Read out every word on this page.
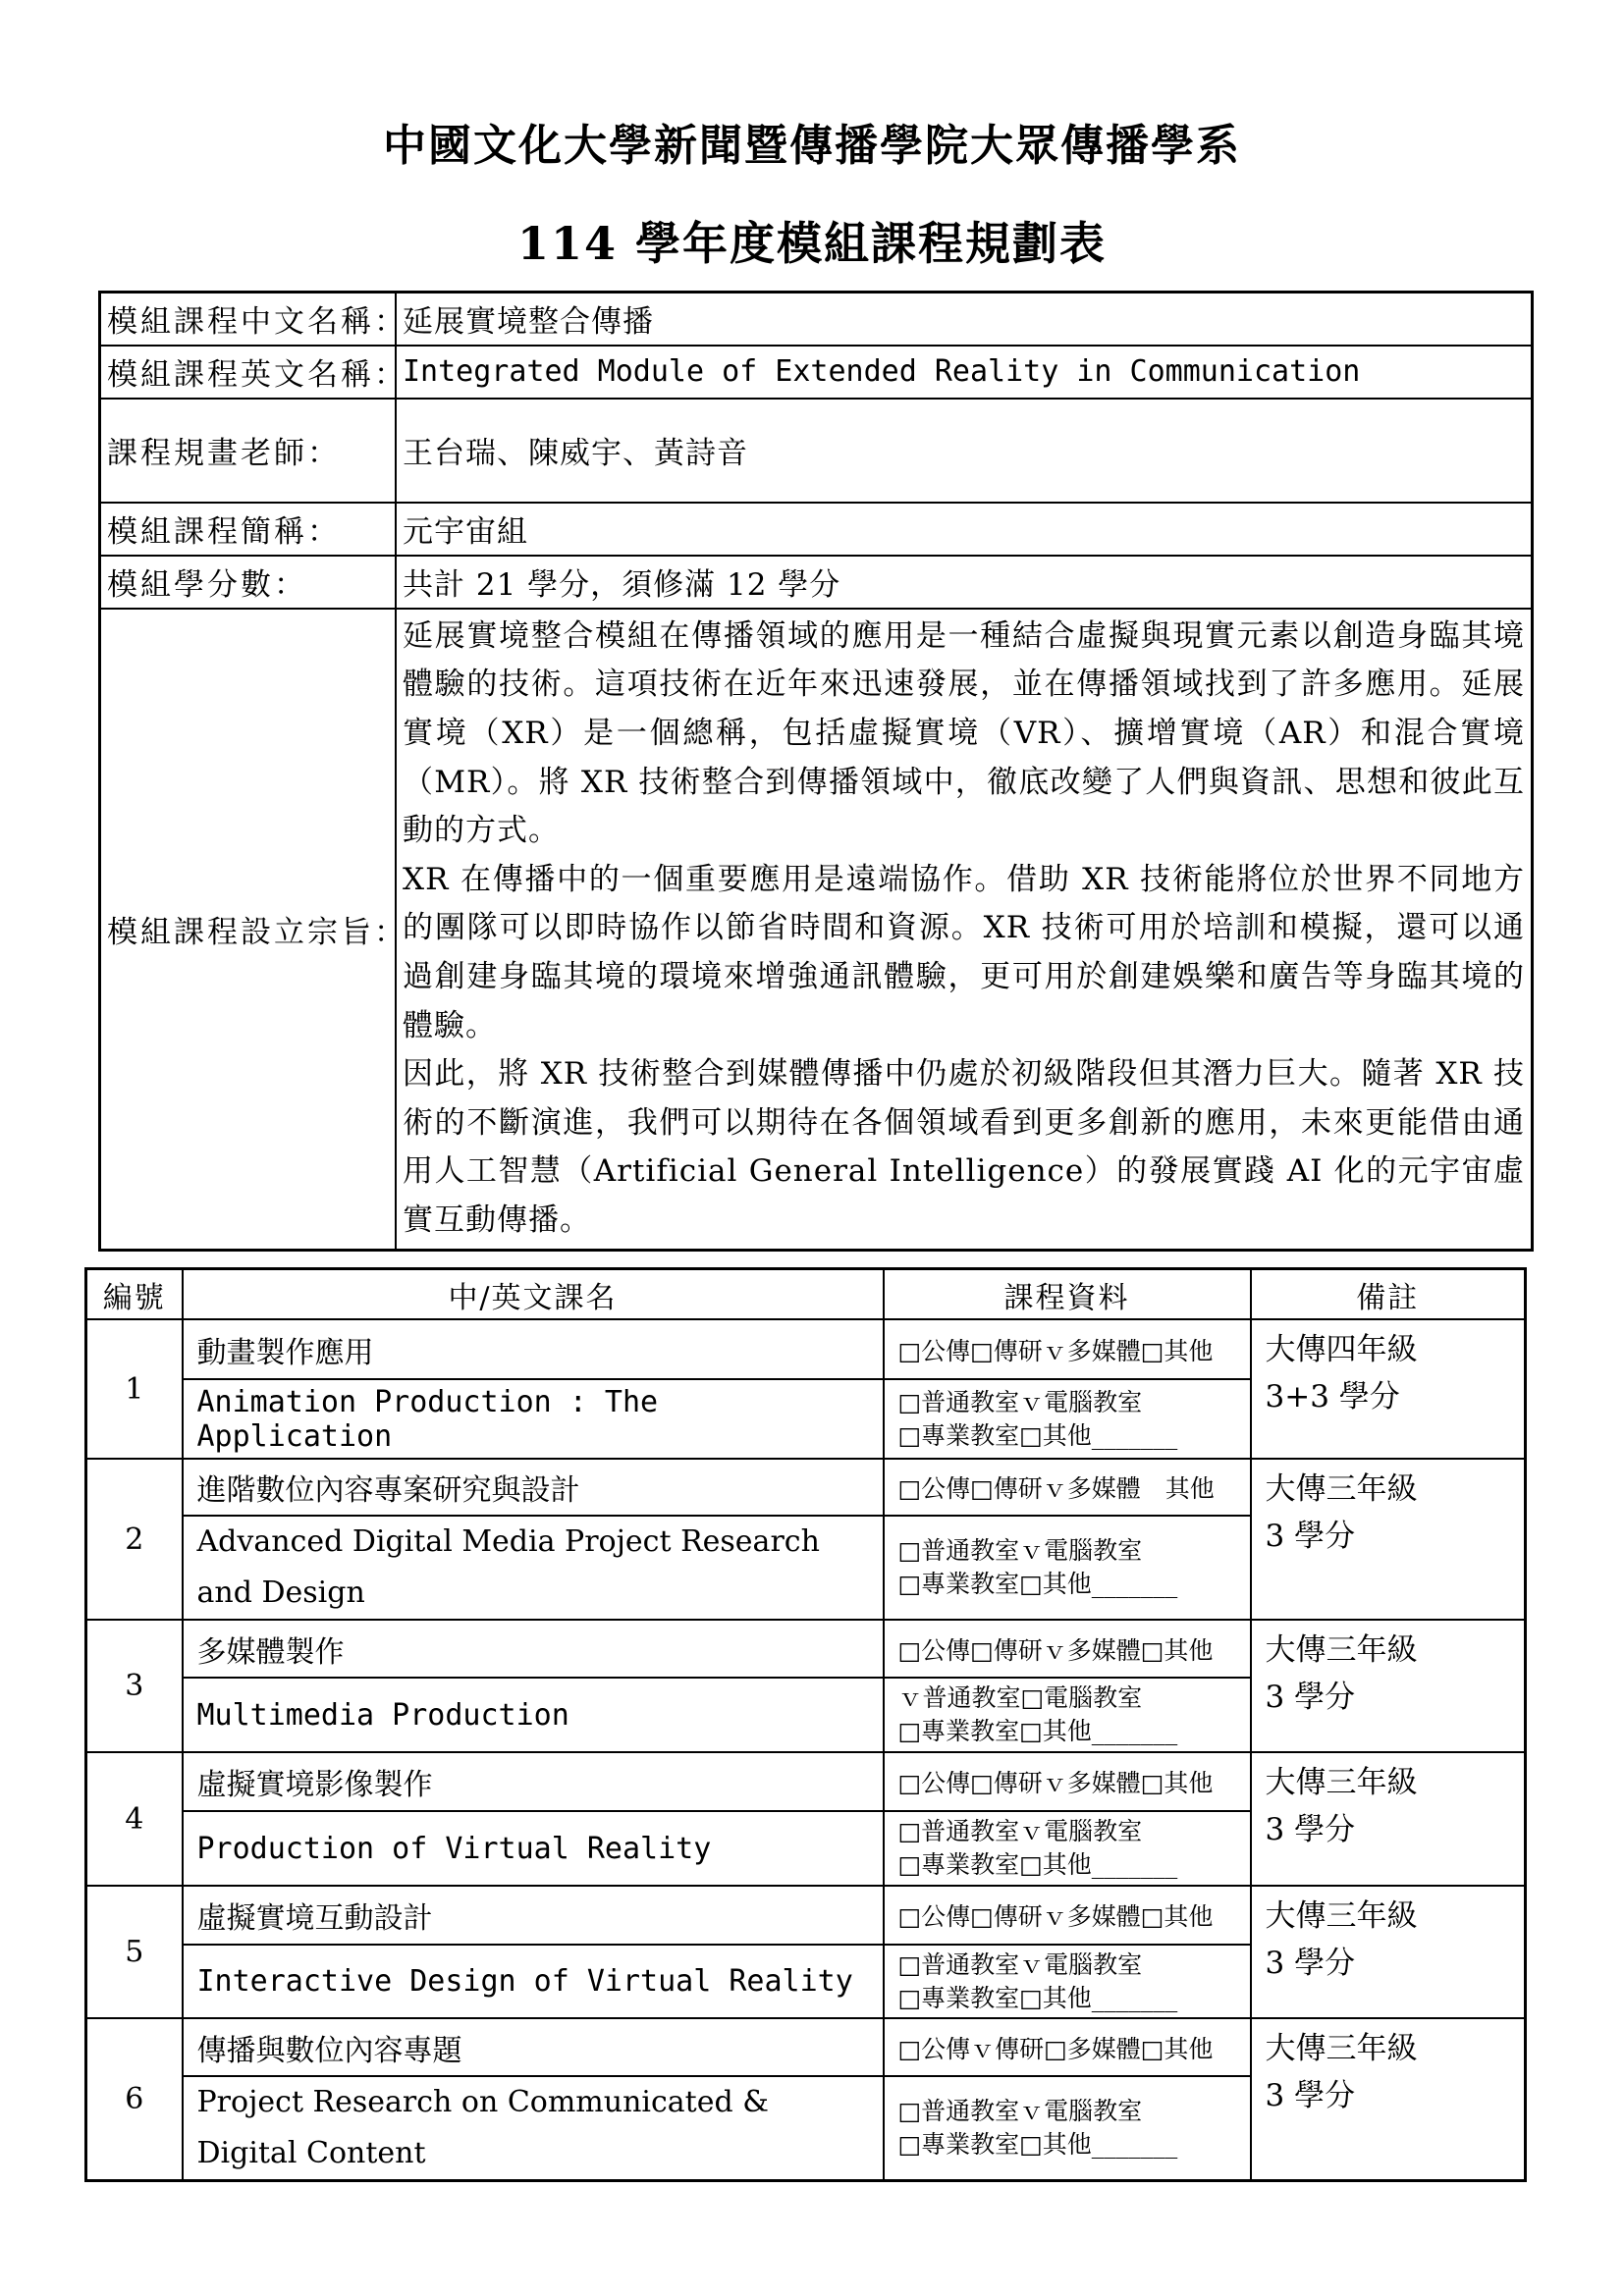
中國文化大學新聞暨傳播學院大眾傳播學系
114 學年度模組課程規劃表
模組課程中文名稱：	延展實境整合傳播
模組課程英文名稱：	Integrated Module of Extended Reality in Communication
課程規畫老師：	王台瑞、陳威宇、黃詩音
模組課程簡稱：	元宇宙組
模組學分數：	共計 21 學分，須修滿 12 學分
模組課程設立宗旨：	延展實境整合模組在傳播領域的應用是一種結合虛擬與現實元素以創造身臨其境體驗的技術。這項技術在近年來迅速發展，並在傳播領域找到了許多應用。延展實境（XR）是一個總稱，包括虛擬實境（VR）、擴增實境（AR）和混合實境（MR）。將 XR 技術整合到傳播領域中，徹底改變了人們與資訊、思想和彼此互動的方式。

XR 在傳播中的一個重要應用是遠端協作。借助 XR 技術能將位於世界不同地方的團隊可以即時協作以節省時間和資源。XR 技術可用於培訓和模擬，還可以通過創建身臨其境的環境來增強通訊體驗，更可用於創建娛樂和廣告等身臨其境的體驗。

因此，將 XR 技術整合到媒體傳播中仍處於初級階段但其潛力巨大。隨著 XR 技術的不斷演進，我們可以期待在各個領域看到更多創新的應用，未來更能借由通用人工智慧（Artificial General Intelligence）的發展實踐 AI 化的元宇宙虛實互動傳播。

編號	中/英文課名	課程資料	備註
1	動畫製作應用	□公傳□傳研ｖ多媒體□其他	大傳四年級
3+3 學分

	Animation Production : The Application	□普通教室ｖ電腦教室
□專業教室□其他_______	

2	進階數位內容專案研究與設計	□公傳□傳研ｖ多媒體　其他	大傳三年級
3 學分

	Advanced Digital Media Project Research and Design	□普通教室ｖ電腦教室
□專業教室□其他_______	

3	多媒體製作	□公傳□傳研ｖ多媒體□其他	大傳三年級
3 學分

	Multimedia Production	ｖ普通教室□電腦教室
□專業教室□其他_______	

4	虛擬實境影像製作	□公傳□傳研ｖ多媒體□其他	大傳三年級
3 學分

	Production of Virtual Reality	□普通教室ｖ電腦教室
□專業教室□其他_______	

5	虛擬實境互動設計	□公傳□傳研ｖ多媒體□其他	大傳三年級
3 學分

	Interactive Design of Virtual Reality	□普通教室ｖ電腦教室
□專業教室□其他_______	

6	傳播與數位內容專題	□公傳ｖ傳研□多媒體□其他	大傳三年級
3 學分

	Project Research on Communicated & Digital Content	□普通教室ｖ電腦教室
□專業教室□其他_______	
